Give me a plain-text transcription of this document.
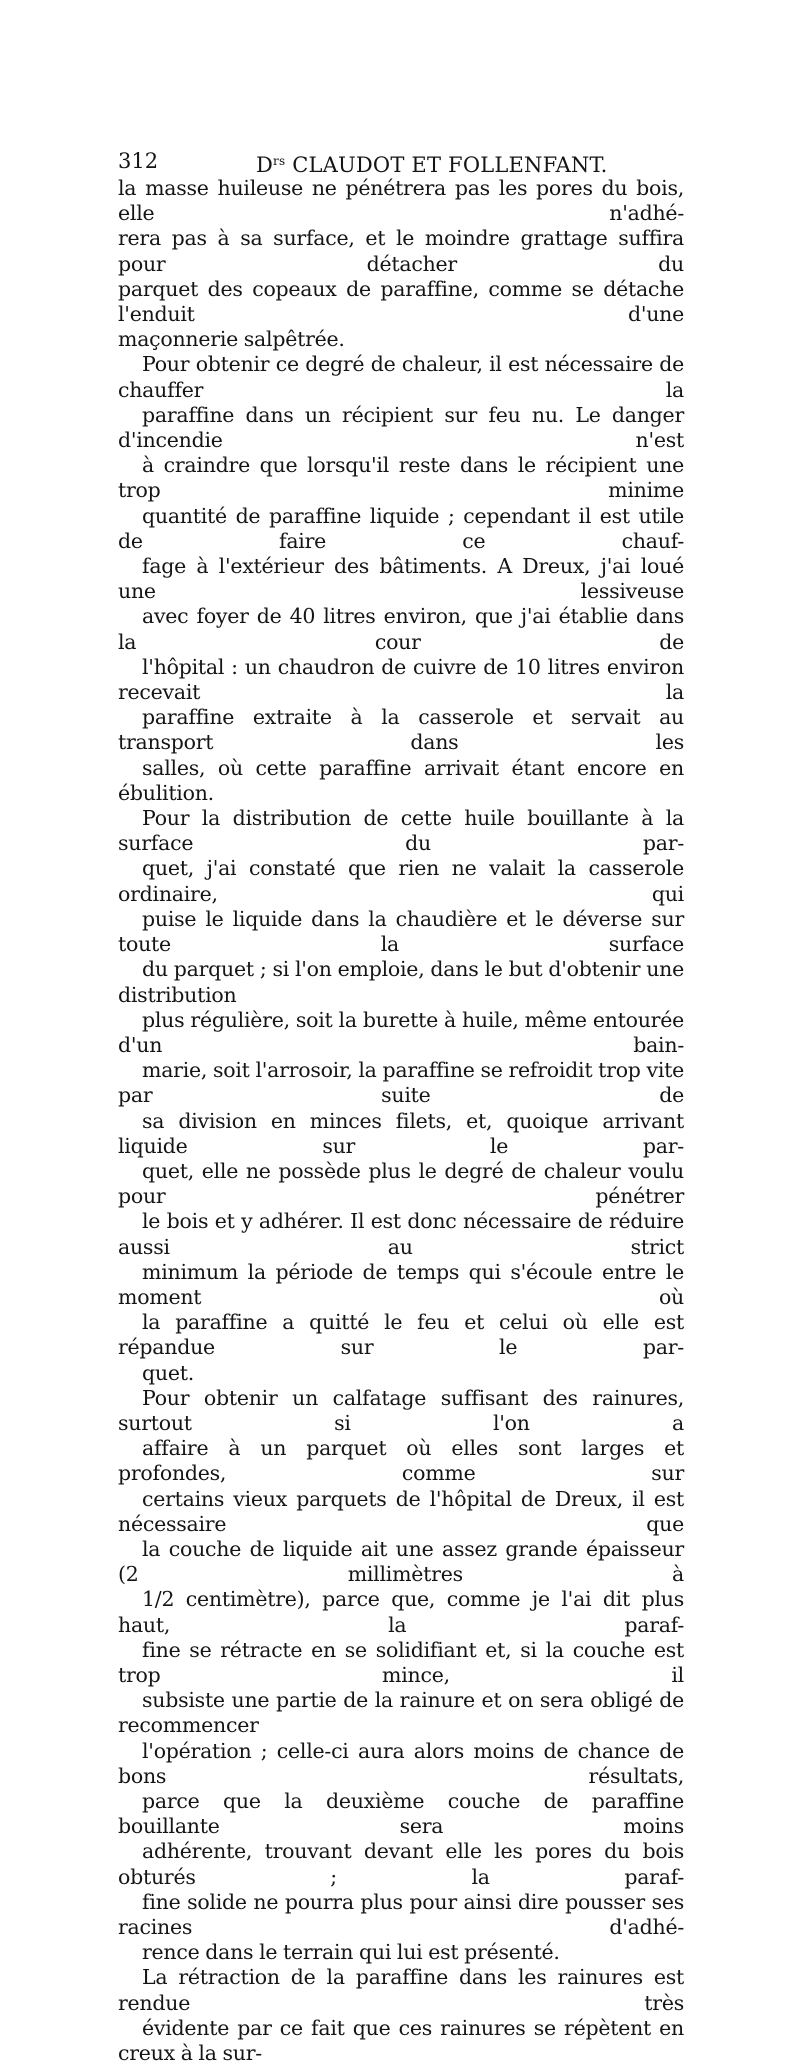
312	$D^{rs}$ CLAUDOT ET FOLLENFANT.

la masse huileuse ne pénétrera pas les pores du bois, elle n'adhé-
rera pas à sa surface, et le moindre grattage suffira pour détacher du
parquet des copeaux de paraffine, comme se détache l'enduit d'une
maçonnerie salpêtrée.

Pour obtenir ce degré de chaleur, il est nécessaire de chauffer la
paraffine dans un récipient sur feu nu. Le danger d'incendie n'est
à craindre que lorsqu'il reste dans le récipient une trop minime
quantité de paraffine liquide ; cependant il est utile de faire ce chauf-
fage à l'extérieur des bâtiments. A Dreux, j'ai loué une lessiveuse
avec foyer de 40 litres environ, que j'ai établie dans la cour de
l'hôpital : un chaudron de cuivre de 10 litres environ recevait la
paraffine extraite à la casserole et servait au transport dans les
salles, où cette paraffine arrivait étant encore en ébulition.

Pour la distribution de cette huile bouillante à la surface du par-
quet, j'ai constaté que rien ne valait la casserole ordinaire, qui
puise le liquide dans la chaudière et le déverse sur toute la surface
du parquet ; si l'on emploie, dans le but d'obtenir une distribution
plus régulière, soit la burette à huile, même entourée d'un bain-
marie, soit l'arrosoir, la paraffine se refroidit trop vite par suite de
sa division en minces filets, et, quoique arrivant liquide sur le par-
quet, elle ne possède plus le degré de chaleur voulu pour pénétrer
le bois et y adhérer. Il est donc nécessaire de réduire aussi au strict
minimum la période de temps qui s'écoule entre le moment où
la paraffine a quitté le feu et celui où elle est répandue sur le par-
quet.

Pour obtenir un calfatage suffisant des rainures, surtout si l'on a
affaire à un parquet où elles sont larges et profondes, comme sur
certains vieux parquets de l'hôpital de Dreux, il est nécessaire que
la couche de liquide ait une assez grande épaisseur (2 millimètres à
1/2 centimètre), parce que, comme je l'ai dit plus haut, la paraf-
fine se rétracte en se solidifiant et, si la couche est trop mince, il
subsiste une partie de la rainure et on sera obligé de recommencer
l'opération ; celle-ci aura alors moins de chance de bons résultats,
parce que la deuxième couche de paraffine bouillante sera moins
adhérente, trouvant devant elle les pores du bois obturés ; la paraf-
fine solide ne pourra plus pour ainsi dire pousser ses racines d'adhé-
rence dans le terrain qui lui est présenté.

La rétraction de la paraffine dans les rainures est rendue très
évidente par ce fait que ces rainures se répètent en creux à la sur-
